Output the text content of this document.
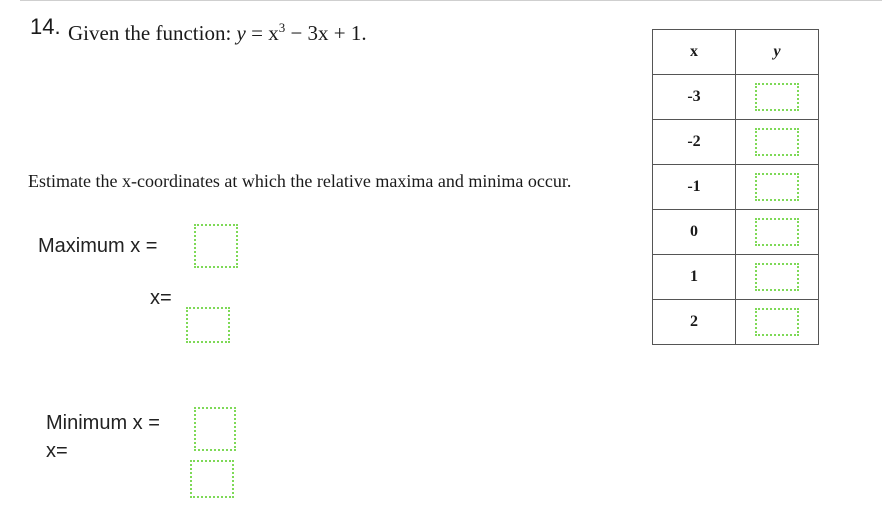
14. Given the function: $y = x^3 - 3x + 1$.
Estimate the x-coordinates at which the relative maxima and minima occur.
Maximum x =
x=
Minimum x =
x=
x	y
-3	
-2	
-1	
0	
1	
2	
